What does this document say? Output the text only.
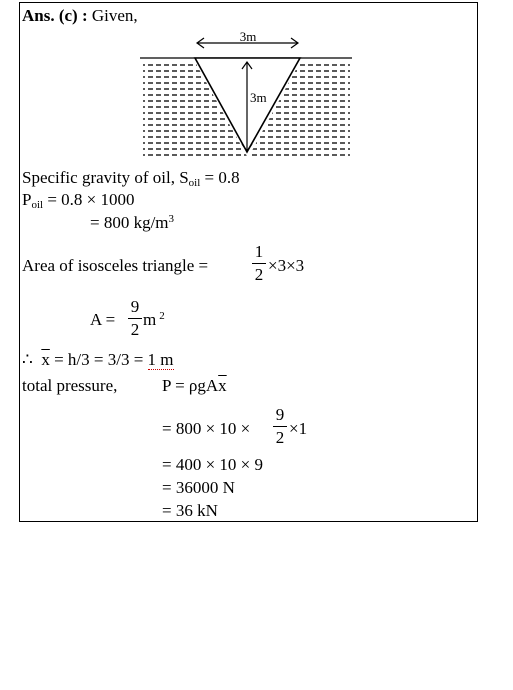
Ans. (c) : Given,
3m
3m
Specific gravity of oil, $S_{oil} = 0.8$
$P_{oil} = 0.8 \times 1000$
= 800 $kg/m^3$
Area of isosceles triangle =
1
2 ×3×3
A =
9
2
m $^2$
∴ $\overline{x} = h/3 = 3/3 = 1$ m
total pressure,	$P = \rho gA\overline{x}$
= 800 × 10 ×
9
2 ×1
= 400 × 10 × 9
= 36000 N
= 36 kN
